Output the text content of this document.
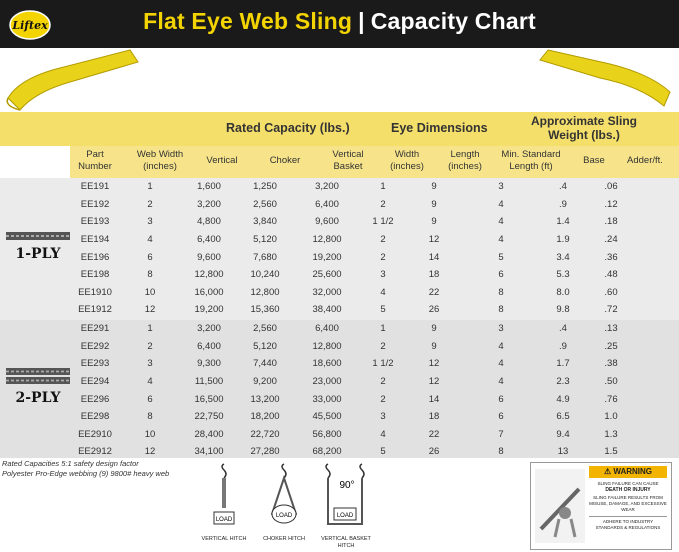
Liftex	Flat Eye Web Sling | Capacity Chart
Rated Capacity (lbs.)	Eye Dimensions	Approximate Sling Weight (lbs.)
Part Number
Web Width (inches)
Vertical	Choker
Vertical Basket
Width (inches)
Length (inches)
Min. Standard Length (ft)
Base	Adder/ft.
1-PLY
2-PLY
EE191	1	1,600	1,250	3,200	1	9	3	.4	.06
EE192	2	3,200	2,560	6,400	2	9	4	.9	.12
EE193	3	4,800	3,840	9,600	1 1/2	9	4	1.4	.18
EE194	4	6,400	5,120	12,800	2	12	4	1.9	.24
EE196	6	9,600	7,680	19,200	2	14	5	3.4	.36
EE198	8	12,800	10,240	25,600	3	18	6	5.3	.48
EE1910	10	16,000	12,800	32,000	4	22	8	8.0	.60
EE1912	12	19,200	15,360	38,400	5	26	8	9.8	.72
EE291	1	3,200	2,560	6,400	1	9	3	.4	.13
EE292	2	6,400	5,120	12,800	2	9	4	.9	.25
EE293	3	9,300	7,440	18,600	1 1/2	12	4	1.7	.38
EE294	4	11,500	9,200	23,000	2	12	4	2.3	.50
EE296	6	16,500	13,200	33,000	2	14	6	4.9	.76
EE298	8	22,750	18,200	45,500	3	18	6	6.5	1.0
EE2910	10	28,400	22,720	56,800	4	22	7	9.4	1.3
EE2912	12	34,100	27,280	68,200	5	26	8	13	1.5
Rated Capacities 5:1 safety design factor
Polyester Pro-Edge webbing (9) 9800# heavy web
LOAD
VERTICAL HITCH
LOAD
CHOKER HITCH
LOAD
90°
VERTICAL BASKET HITCH
⚠ WARNING
SLING FAILURE CAN CAUSE
DEATH OR INJURY
SLING FAILURE RESULTS FROM MISUSE, DAMAGE, AND EXCESSIVE WEAR
ADHERE TO INDUSTRY STANDARDS & REGULATIONS
